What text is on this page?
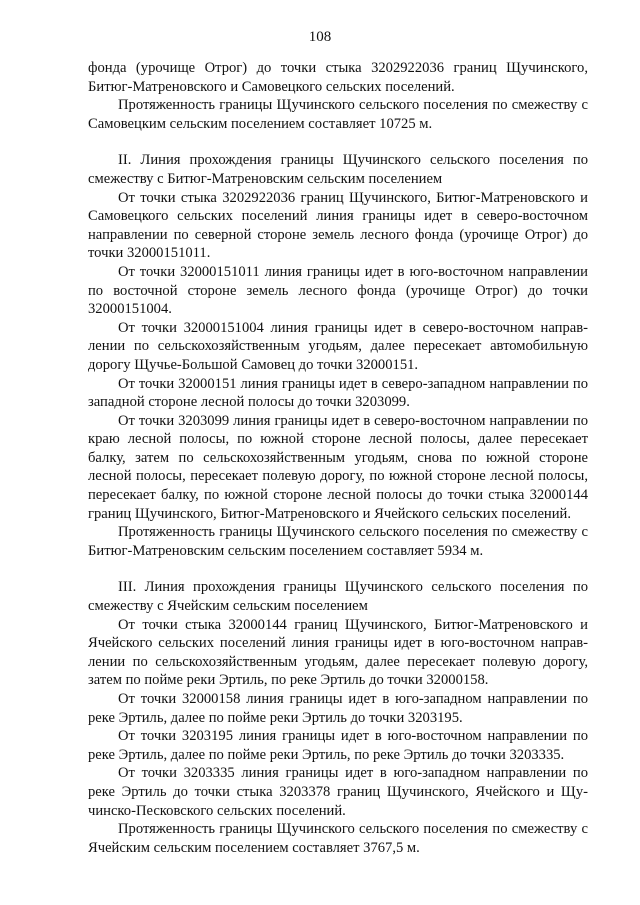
108

фонда (урочище Отрог) до точки стыка 3202922036 границ Щучинского, Битюг-Матреновского и Самовецкого сельских поселений.

Протяженность границы Щучинского сельского поселения по смежеству с Самовецким сельским поселением составляет 10725 м.

II. Линия прохождения границы Щучинского сельского поселения по смежеству с Битюг-Матреновским сельским поселением

От точки стыка 3202922036 границ Щучинского, Битюг-Матреновского и Самовецкого сельских поселений линия границы идет в северо-восточном направлении по северной стороне земель лесного фонда (урочище Отрог) до точки 32000151011.

От точки 32000151011 линия границы идет в юго-восточном направлении по восточной стороне земель лесного фонда (урочище Отрог) до точки 32000151004.

От точки 32000151004 линия границы идет в северо-восточном направлении по сельскохозяйственным угодьям, далее пересекает автомобильную дорогу Щучье-Большой Самовец до точки 32000151.

От точки 32000151 линия границы идет в северо-западном направлении по западной стороне лесной полосы до точки 3203099.

От точки 3203099 линия границы идет в северо-восточном направлении по краю лесной полосы, по южной стороне лесной полосы, далее пересекает балку, затем по сельскохозяйственным угодьям, снова по южной стороне лесной полосы, пересекает полевую дорогу, по южной стороне лесной полосы, пересекает балку, по южной стороне лесной полосы до точки стыка 32000144 границ Щучинского, Битюг-Матреновского и Ячейского сельских поселений.

Протяженность границы Щучинского сельского поселения по смежеству с Битюг-Матреновским сельским поселением составляет 5934 м.

III. Линия прохождения границы Щучинского сельского поселения по смежеству с Ячейским сельским поселением

От точки стыка 32000144 границ Щучинского, Битюг-Матреновского и Ячейского сельских поселений линия границы идет в юго-восточном направлении по сельскохозяйственным угодьям, далее пересекает полевую дорогу, затем по пойме реки Эртиль, по реке Эртиль до точки 32000158.

От точки 32000158 линия границы идет в юго-западном направлении по реке Эртиль, далее по пойме реки Эртиль до точки 3203195.

От точки 3203195 линия границы идет в юго-восточном направлении по реке Эртиль, далее по пойме реки Эртиль, по реке Эртиль до точки 3203335.

От точки 3203335 линия границы идет в юго-западном направлении по реке Эртиль до точки стыка 3203378 границ Щучинского, Ячейского и Щучинско-Песковского сельских поселений.

Протяженность границы Щучинского сельского поселения по смежеству с Ячейским сельским поселением составляет 3767,5 м.
